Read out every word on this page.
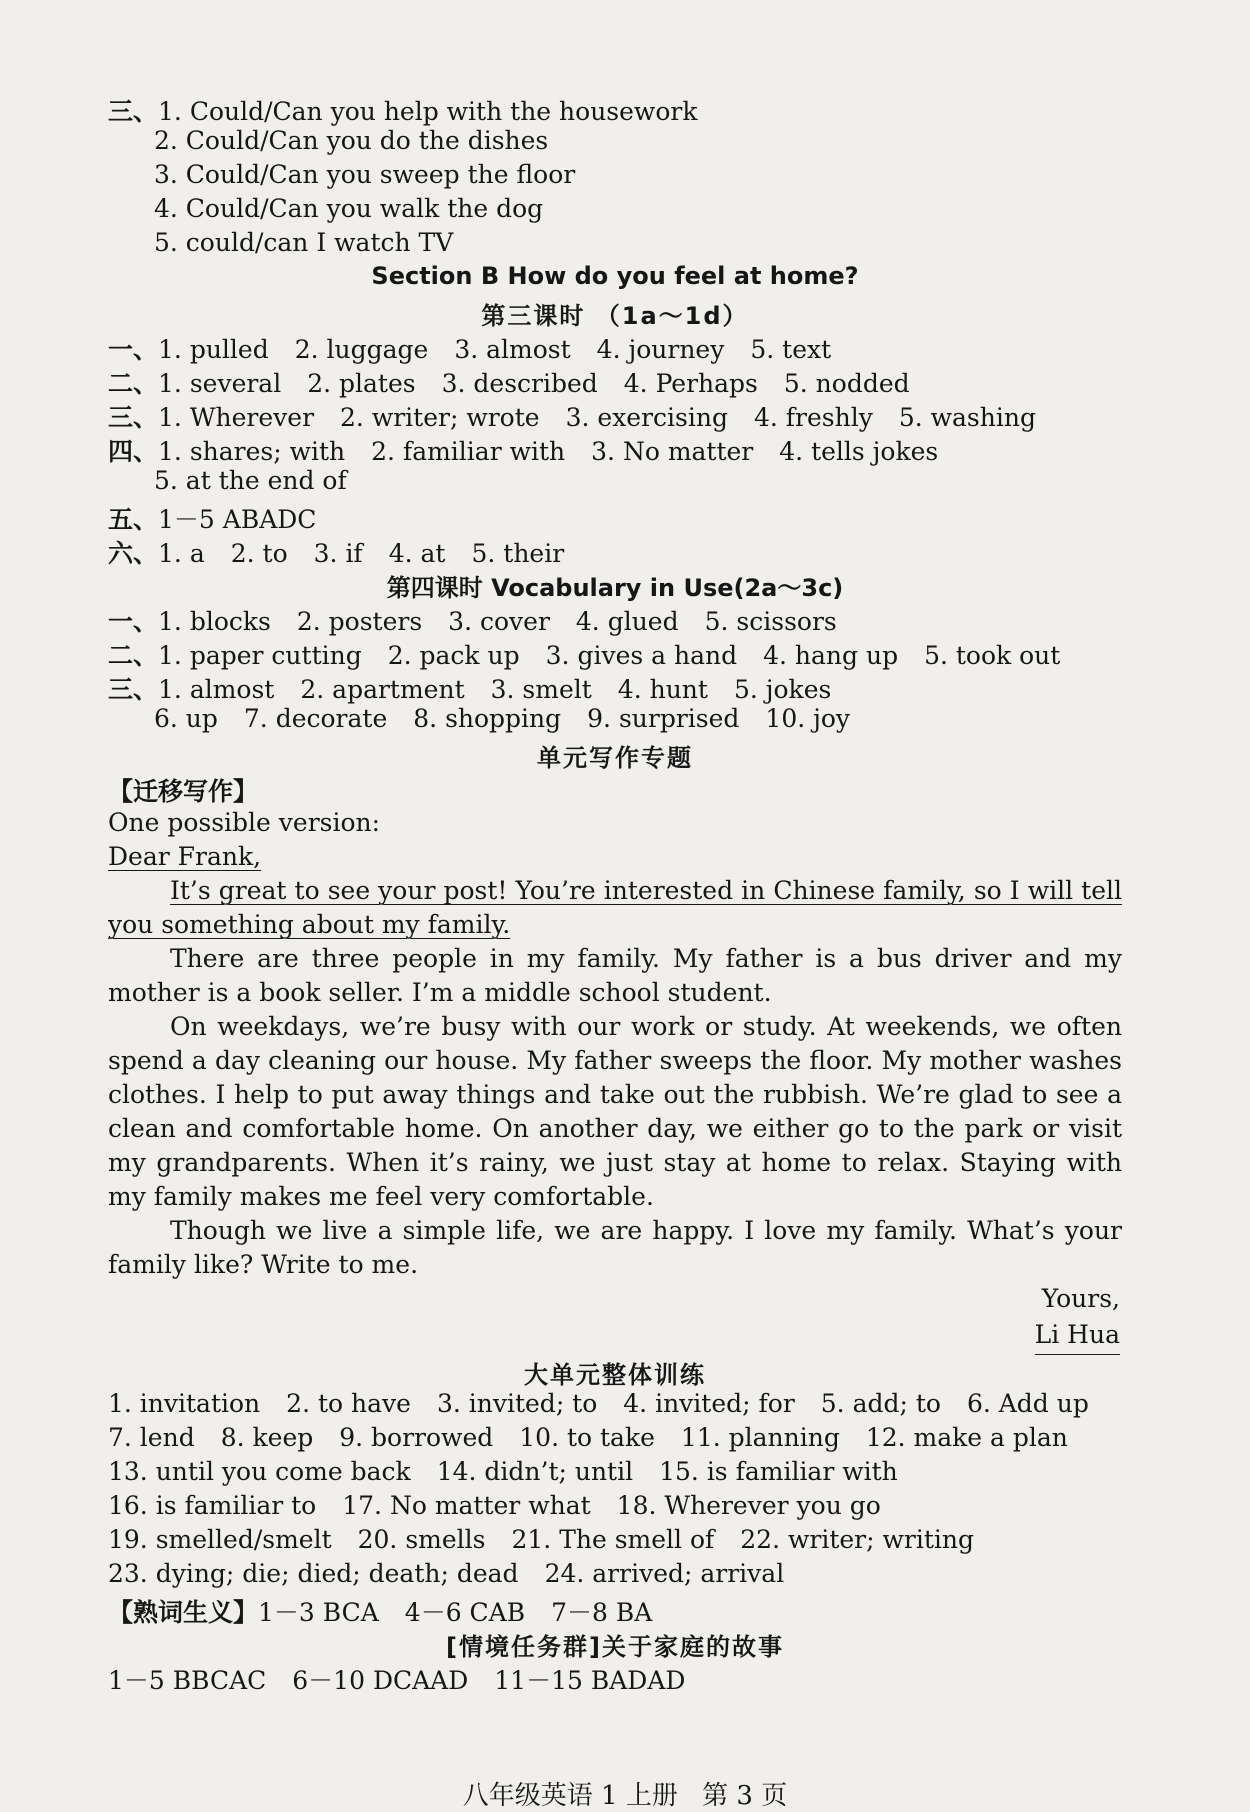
三、 1. Could/Can you help with the housework
2. Could/Can you do the dishes
3. Could/Can you sweep the floor
4. Could/Can you walk the dog
5. could/can I watch TV
Section B How do you feel at home?
第三课时 （1a～1d）
一、 1. pulled 2. luggage 3. almost 4. journey 5. text
二、 1. several 2. plates 3. described 4. Perhaps 5. nodded
三、 1. Wherever 2. writer; wrote 3. exercising 4. freshly 5. washing
四、 1. shares; with 2. familiar with 3. No matter 4. tells jokes
5. at the end of
五、 1－5 ABADC
六、 1. a 2. to 3. if 4. at 5. their
第四课时 Vocabulary in Use(2a～3c)
一、 1. blocks 2. posters 3. cover 4. glued 5. scissors
二、 1. paper cutting 2. pack up 3. gives a hand 4. hang up 5. took out
三、 1. almost 2. apartment 3. smelt 4. hunt 5. jokes
6. up 7. decorate 8. shopping 9. surprised 10. joy
单元写作专题
【迁移写作】

One possible version:

Dear Frank,

It’s great to see your post! You’re interested in Chinese family, so I will tell you something about my family.

There are three people in my family. My father is a bus driver and my mother is a book seller. I’m a middle school student.

On weekdays, we’re busy with our work or study. At weekends, we often spend a day cleaning our house. My father sweeps the floor. My mother washes clothes. I help to put away things and take out the rubbish. We’re glad to see a clean and comfortable home. On another day, we either go to the park or visit my grandparents. When it’s rainy, we just stay at home to relax. Staying with my family makes me feel very comfortable.

Though we live a simple life, we are happy. I love my family. What’s your family like? Write to me.

Yours,
Li Hua
大单元整体训练
1. invitation 2. to have 3. invited; to 4. invited; for 5. add; to 6. Add up
7. lend 8. keep 9. borrowed 10. to take 11. planning 12. make a plan
13. until you come back 14. didn’t; until 15. is familiar with
16. is familiar to 17. No matter what 18. Wherever you go
19. smelled/smelt 20. smells 21. The smell of 22. writer; writing
23. dying; die; died; death; dead 24. arrived; arrival
【熟词生义】 1－3 BCA 4－6 CAB 7－8 BA
[情境任务群]关于家庭的故事
1－5 BBCAC 6－10 DCAAD 11－15 BADAD
八年级英语 1 上册 第 3 页
